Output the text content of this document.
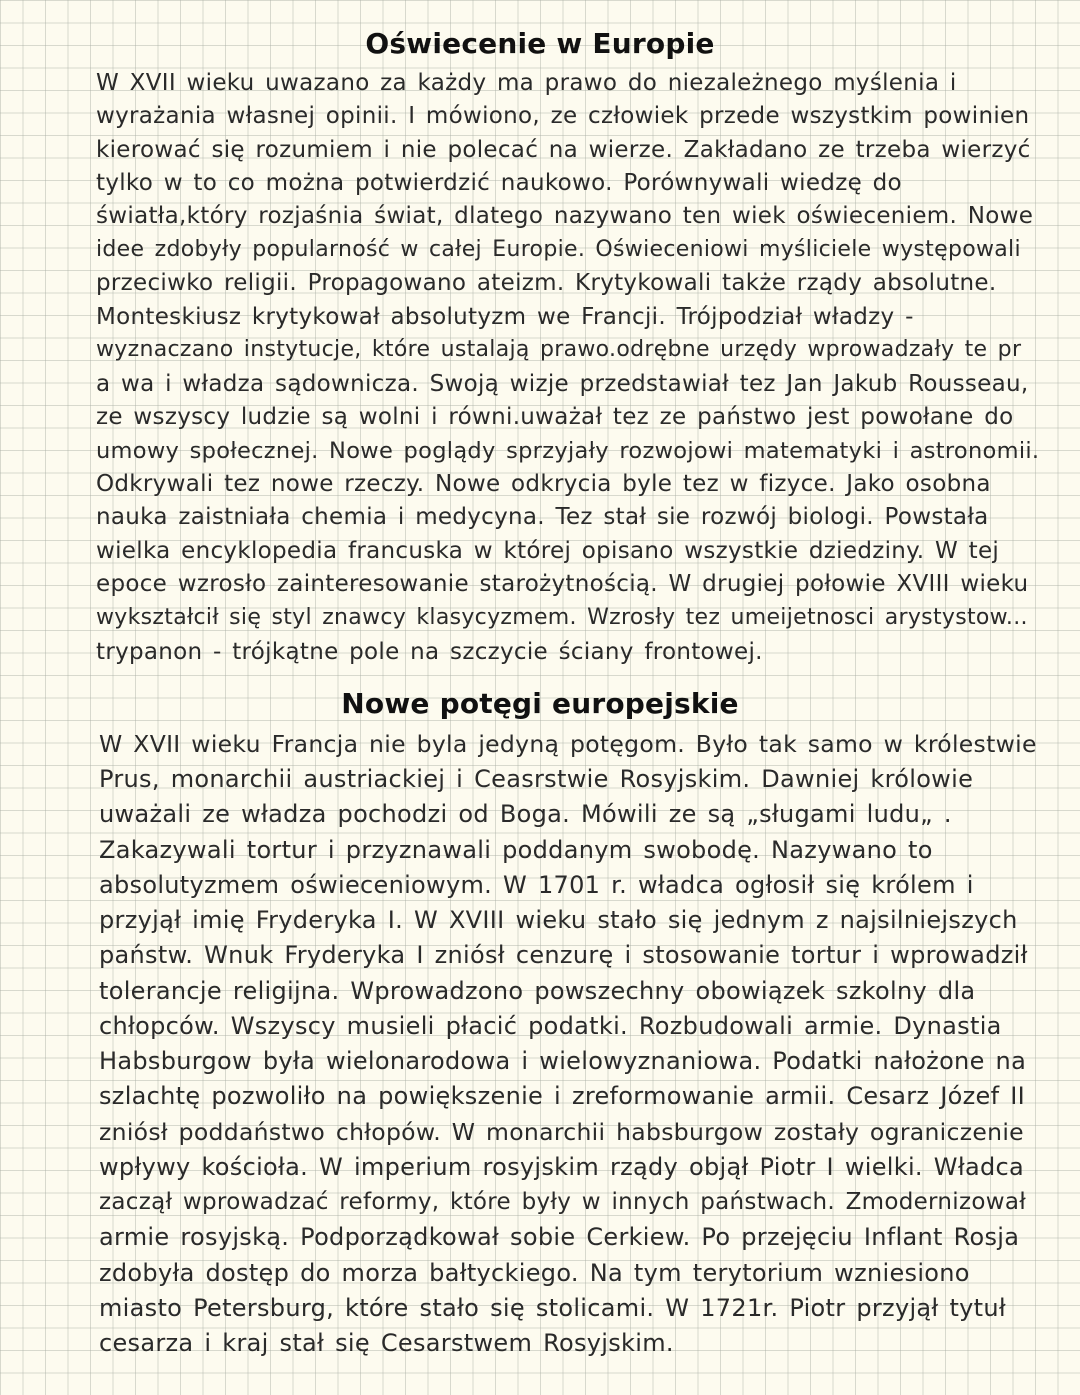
Oświecenie w Europie
W XVII wieku uwazano za każdy ma prawo do niezależnego myślenia i
wyrażania własnej opinii. I mówiono, ze człowiek przede wszystkim powinien
kierować się rozumiem i nie polecać na wierze. Zakładano ze trzeba wierzyć
tylko w to co można potwierdzić naukowo. Porównywali wiedzę do
światła,który rozjaśnia świat, dlatego nazywano ten wiek oświeceniem. Nowe
idee zdobyły popularność w całej Europie. Oświeceniowi myśliciele występowali
przeciwko religii. Propagowano ateizm. Krytykowali także rządy absolutne.
Monteskiusz krytykował absolutyzm we Francji. Trójpodział władzy -
wyznaczano instytucje, które ustalają prawo.odrębne urzędy wprowadzały te pr
a wa i władza sądownicza. Swoją wizje przedstawiał tez Jan Jakub Rousseau,
ze wszyscy ludzie są wolni i równi.uważał tez ze państwo jest powołane do
umowy społecznej. Nowe poglądy sprzyjały rozwojowi matematyki i astronomii.
Odkrywali tez nowe rzeczy. Nowe odkrycia byle tez w fizyce. Jako osobna
nauka zaistniała chemia i medycyna. Tez stał sie rozwój biologi. Powstała
wielka encyklopedia francuska w której opisano wszystkie dziedziny. W tej
epoce wzrosło zainteresowanie starożytnością. W drugiej połowie XVIII wieku
wykształcił się styl znawcy klasycyzmem. Wzrosły tez umeijetnosci arystystow...
trypanon - trójkątne pole na szczycie ściany frontowej.
Nowe potęgi europejskie
W XVII wieku Francja nie byla jedyną potęgom. Było tak samo w królestwie
Prus, monarchii austriackiej i Ceasrstwie Rosyjskim. Dawniej królowie
uważali ze władza pochodzi od Boga. Mówili ze są „sługami ludu„ .
Zakazywali tortur i przyznawali poddanym swobodę. Nazywano to
absolutyzmem oświeceniowym. W 1701 r. władca ogłosił się królem i
przyjął imię Fryderyka I. W XVIII wieku stało się jednym z najsilniejszych
państw. Wnuk Fryderyka I zniósł cenzurę i stosowanie tortur i wprowadził
tolerancje religijna. Wprowadzono powszechny obowiązek szkolny dla
chłopców. Wszyscy musieli płacić podatki. Rozbudowali armie. Dynastia
Habsburgow była wielonarodowa i wielowyznaniowa. Podatki nałożone na
szlachtę pozwoliło na powiększenie i zreformowanie armii. Cesarz Józef II
zniósł poddaństwo chłopów. W monarchii habsburgow zostały ograniczenie
wpływy kościoła. W imperium rosyjskim rządy objął Piotr I wielki. Władca
zaczął wprowadzać reformy, które były w innych państwach. Zmodernizował
armie rosyjską. Podporządkował sobie Cerkiew. Po przejęciu Inflant Rosja
zdobyła dostęp do morza bałtyckiego. Na tym terytorium wzniesiono
miasto Petersburg, które stało się stolicami. W 1721r. Piotr przyjął tytuł
cesarza i kraj stał się Cesarstwem Rosyjskim.
